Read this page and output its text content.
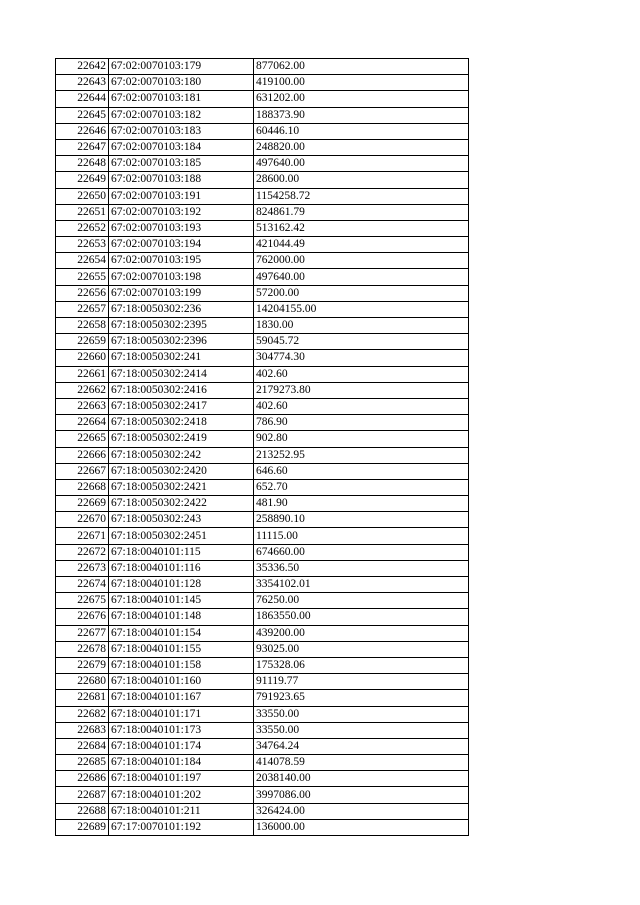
22642	67:02:0070103:179	877062.00
22643	67:02:0070103:180	419100.00
22644	67:02:0070103:181	631202.00
22645	67:02:0070103:182	188373.90
22646	67:02:0070103:183	60446.10
22647	67:02:0070103:184	248820.00
22648	67:02:0070103:185	497640.00
22649	67:02:0070103:188	28600.00
22650	67:02:0070103:191	1154258.72
22651	67:02:0070103:192	824861.79
22652	67:02:0070103:193	513162.42
22653	67:02:0070103:194	421044.49
22654	67:02:0070103:195	762000.00
22655	67:02:0070103:198	497640.00
22656	67:02:0070103:199	57200.00
22657	67:18:0050302:236	14204155.00
22658	67:18:0050302:2395	1830.00
22659	67:18:0050302:2396	59045.72
22660	67:18:0050302:241	304774.30
22661	67:18:0050302:2414	402.60
22662	67:18:0050302:2416	2179273.80
22663	67:18:0050302:2417	402.60
22664	67:18:0050302:2418	786.90
22665	67:18:0050302:2419	902.80
22666	67:18:0050302:242	213252.95
22667	67:18:0050302:2420	646.60
22668	67:18:0050302:2421	652.70
22669	67:18:0050302:2422	481.90
22670	67:18:0050302:243	258890.10
22671	67:18:0050302:2451	11115.00
22672	67:18:0040101:115	674660.00
22673	67:18:0040101:116	35336.50
22674	67:18:0040101:128	3354102.01
22675	67:18:0040101:145	76250.00
22676	67:18:0040101:148	1863550.00
22677	67:18:0040101:154	439200.00
22678	67:18:0040101:155	93025.00
22679	67:18:0040101:158	175328.06
22680	67:18:0040101:160	91119.77
22681	67:18:0040101:167	791923.65
22682	67:18:0040101:171	33550.00
22683	67:18:0040101:173	33550.00
22684	67:18:0040101:174	34764.24
22685	67:18:0040101:184	414078.59
22686	67:18:0040101:197	2038140.00
22687	67:18:0040101:202	3997086.00
22688	67:18:0040101:211	326424.00
22689	67:17:0070101:192	136000.00
